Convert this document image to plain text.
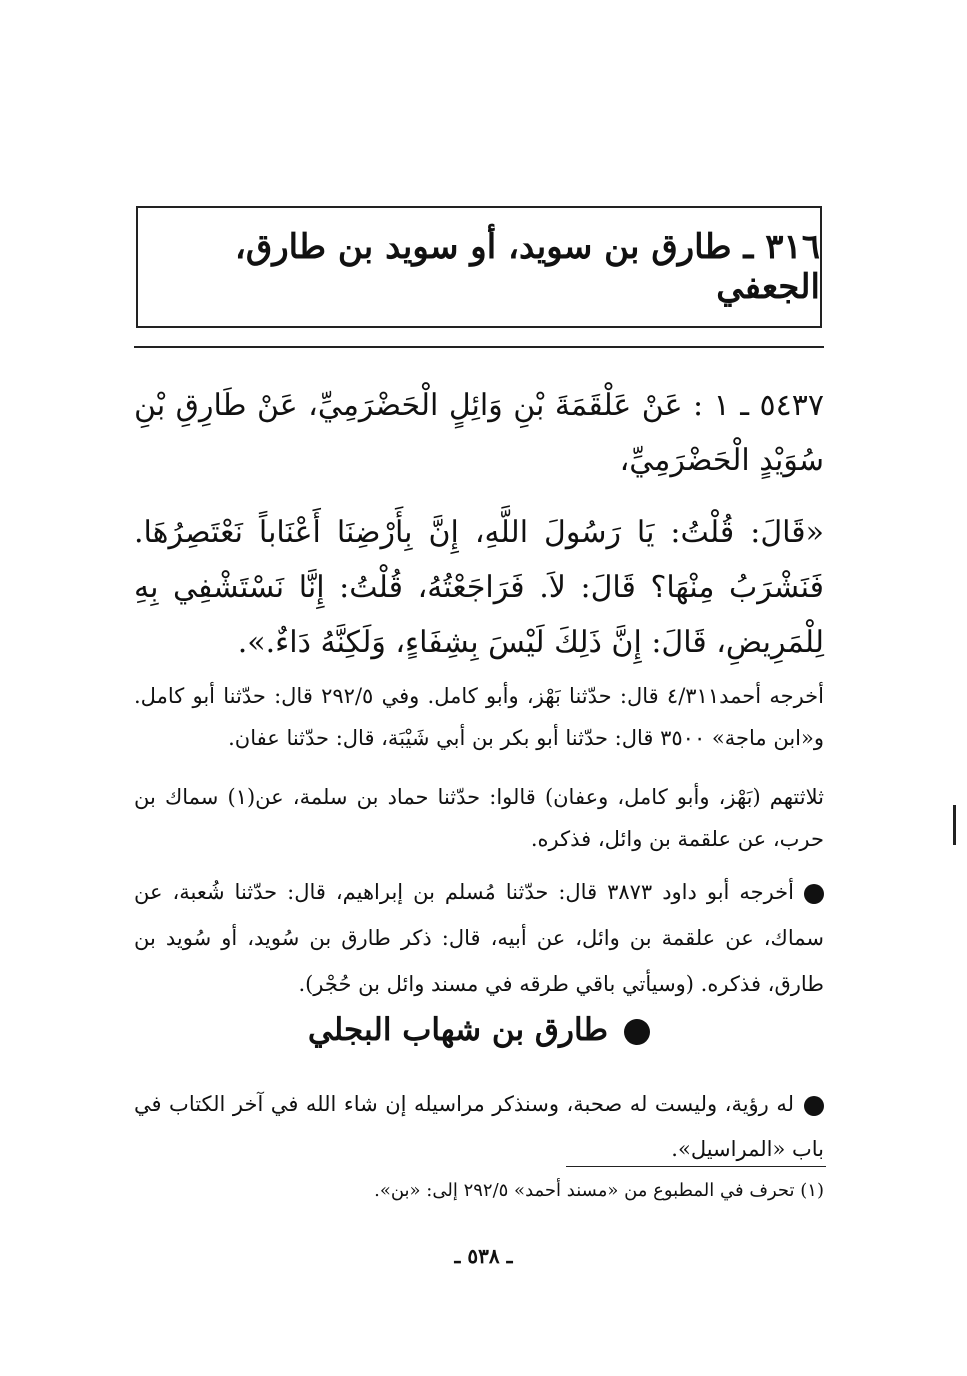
٣١٦ ـ طارق بن سويد، أو سويد بن طارق، الجعفي
٥٤٣٧ ـ ١ : عَنْ عَلْقَمَةَ بْنِ وَائِلٍ الْحَضْرَمِيِّ، عَنْ طَارِقِ بْنِ سُوَيْدٍ الْحَضْرَمِيِّ،
«قَالَ: قُلْتُ: يَا رَسُولَ اللَّهِ، إِنَّ بِأَرْضِنَا أَعْنَاباً نَعْتَصِرُهَا. فَنَشْرَبُ مِنْهَا؟ قَالَ: لاَ. فَرَاجَعْتُهُ، قُلْتُ: إِنَّا نَسْتَشْفِي بِهِ لِلْمَرِيضِ، قَالَ: إِنَّ ذَلِكَ لَيْسَ بِشِفَاءٍ، وَلَكِنَّهُ دَاءٌ.».
أخرجه أحمد٤/٣١١ قال: حدّثنا بَهْز، وأبو كامل. وفي ٢٩٢/٥ قال: حدّثنا أبو كامل. و«ابن ماجة» ٣٥٠٠ قال: حدّثنا أبو بكر بن أبي شَيْبَة، قال: حدّثنا عفان.
ثلاثتهم (بَهْز، وأبو كامل، وعفان) قالوا: حدّثنا حماد بن سلمة، عن(١) سماك بن حرب، عن علقمة بن وائل، فذكره.
أخرجه أبو داود ٣٨٧٣ قال: حدّثنا مُسلم بن إبراهيم، قال: حدّثنا شُعبة، عن سماك، عن علقمة بن وائل، عن أبيه، قال: ذكر طارق بن سُويد، أو سُويد بن طارق، فذكره. (وسيأتي باقي طرقه في مسند وائل بن حُجْر).
طارق بن شهاب البجلي
له رؤية، وليست له صحبة، وسنذكر مراسيله إن شاء الله في آخر الكتاب في باب «المراسيل».
(١) تحرف في المطبوع من «مسند أحمد» ٢٩٢/٥ إلى: «بن».
ـ ٥٣٨ ـ
